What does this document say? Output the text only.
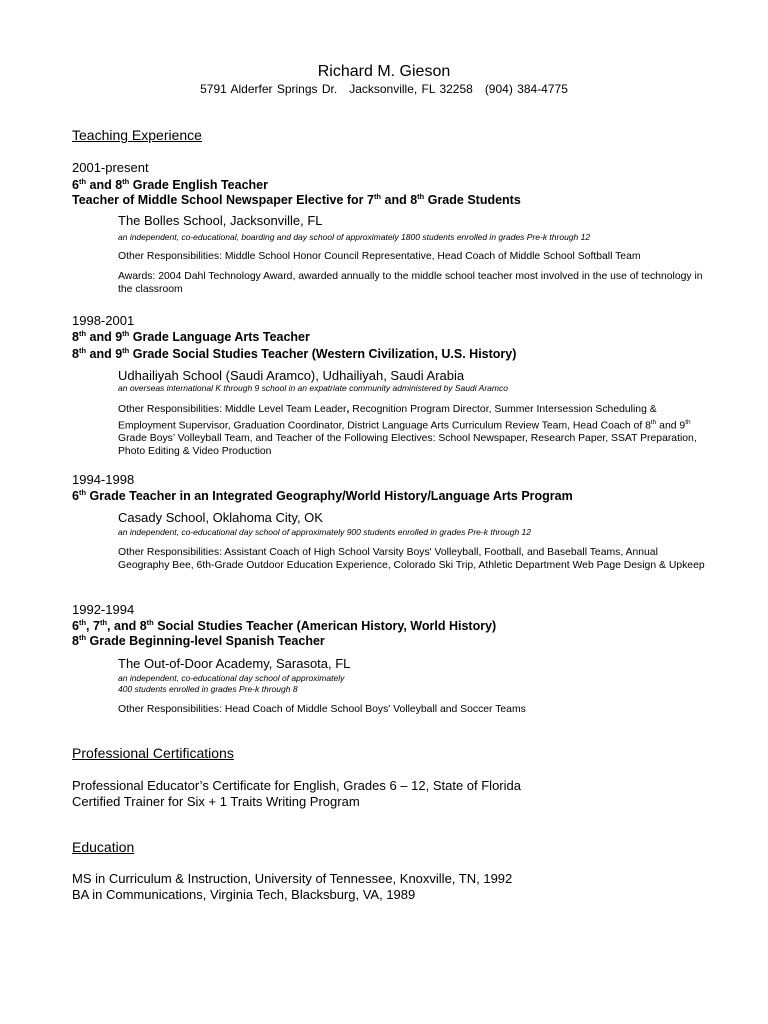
Richard M. Gieson
5791 Alderfer Springs Dr. Jacksonville, FL 32258 (904) 384-4775
Teaching Experience
2001-present
6th and 8th Grade English Teacher
Teacher of Middle School Newspaper Elective for 7th and 8th Grade Students
The Bolles School, Jacksonville, FL
an independent, co-educational, boarding and day school of approximately 1800 students enrolled in grades Pre-k through 12
Other Responsibilities: Middle School Honor Council Representative, Head Coach of Middle School Softball Team
Awards: 2004 Dahl Technology Award, awarded annually to the middle school teacher most involved in the use of technology in the classroom
1998-2001
8th and 9th Grade Language Arts Teacher
8th and 9th Grade Social Studies Teacher (Western Civilization, U.S. History)
Udhailiyah School (Saudi Aramco), Udhailiyah, Saudi Arabia
an overseas international K through 9 school in an expatriate community administered by Saudi Aramco
Other Responsibilities: Middle Level Team Leader, Recognition Program Director, Summer Intersession Scheduling & Employment Supervisor, Graduation Coordinator, District Language Arts Curriculum Review Team, Head Coach of 8th and 9th Grade Boys’ Volleyball Team, and Teacher of the Following Electives: School Newspaper, Research Paper, SSAT Preparation, Photo Editing & Video Production
1994-1998
6th Grade Teacher in an Integrated Geography/World History/Language Arts Program
Casady School, Oklahoma City, OK
an independent, co-educational day school of approximately 900 students enrolled in grades Pre-k through 12
Other Responsibilities: Assistant Coach of High School Varsity Boys' Volleyball, Football, and Baseball Teams, Annual Geography Bee, 6th-Grade Outdoor Education Experience, Colorado Ski Trip, Athletic Department Web Page Design & Upkeep
1992-1994
6th, 7th, and 8th Social Studies Teacher (American History, World History)
8th Grade Beginning-level Spanish Teacher
The Out-of-Door Academy, Sarasota, FL
an independent, co-educational day school of approximately
400 students enrolled in grades Pre-k through 8
Other Responsibilities: Head Coach of Middle School Boys' Volleyball and Soccer Teams
Professional Certifications
Professional Educator’s Certificate for English, Grades 6 – 12, State of Florida
Certified Trainer for Six + 1 Traits Writing Program
Education
MS in Curriculum & Instruction, University of Tennessee, Knoxville, TN, 1992
BA in Communications, Virginia Tech, Blacksburg, VA, 1989
